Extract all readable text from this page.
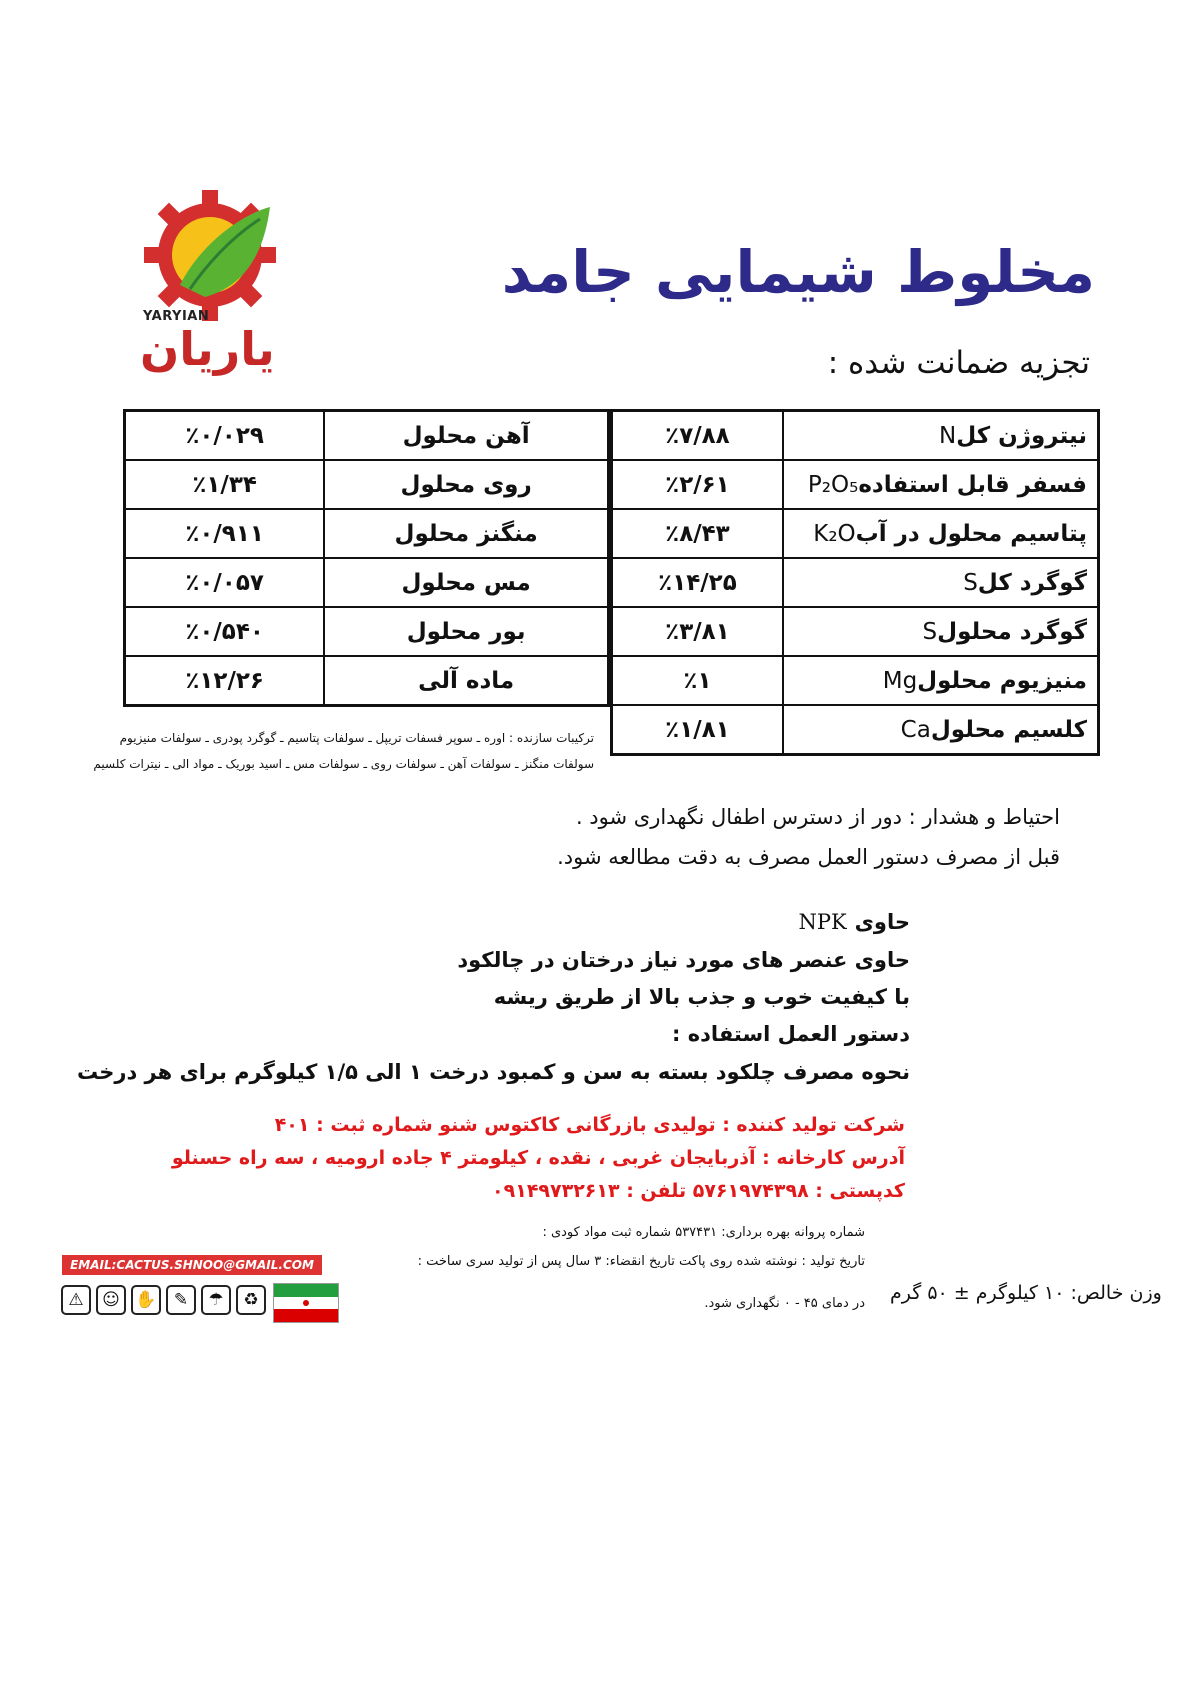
مخلوط شیمایی جامد
تجزیه ضمانت شده :
YARYIAN
یاریان
٪۷/۸۸	نیتروژن کلN
٪۲/۶۱	فسفر قابل استفادهP₂O₅
٪۸/۴۳	پتاسیم محلول در آبK₂O
٪۱۴/۲۵	گوگرد کلS
٪۳/۸۱	گوگرد محلولS
٪۱	منیزیوم محلولMg
٪۱/۸۱	کلسیم محلولCa
٪۰/۰۲۹	آهن محلول
٪۱/۳۴	روی محلول
٪۰/۹۱۱	منگنز محلول
٪۰/۰۵۷	مس محلول
٪۰/۵۴۰	بور محلول
٪۱۲/۲۶	ماده آلی
ترکیبات سازنده : اوره ـ سوپر فسفات تریپل ـ سولفات پتاسیم ـ گوگرد پودری ـ سولفات منیزیوم
سولفات منگنز ـ سولفات آهن ـ سولفات روی ـ سولفات مس ـ اسید بوریک ـ مواد الی ـ نیترات کلسیم
احتیاط و هشدار : دور از دسترس اطفال نگهداری شود .
قبل از مصرف دستور العمل مصرف به دقت مطالعه شود.
حاویNPK
حاوی عنصر های مورد نیاز درختان در چالکود
با کیفیت خوب و جذب بالا از طریق ریشه
دستور العمل استفاده :
نحوه مصرف چلکود بسته به سن و کمبود درخت ۱ الی ۱/۵ کیلوگرم برای هر درخت
شرکت تولید کننده : تولیدی بازرگانی کاکتوس شنو شماره ثبت : ۴۰۱
آدرس کارخانه : آذربایجان غربی ، نقده ، کیلومتر ۴ جاده ارومیه ، سه راه حسنلو
کدپستی : ۵۷۶۱۹۷۴۳۹۸ تلفن : ۰۹۱۴۹۷۳۲۶۱۳
شماره پروانه بهره برداری: ۵۳۷۴۳۱ شماره ثبت مواد کودی :
تاریخ تولید : نوشته شده روی پاکت تاریخ انقضاء: ۳ سال پس از تولید سری ساخت :
در دمای ۴۵ - ۰ نگهداری شود. وزن خالص: ۱۰ کیلوگرم ± ۵۰ گرم
EMAIL:CACTUS.SHNOO@GMAIL.COM
⚠	☺ ✋	✎	☂	♻
